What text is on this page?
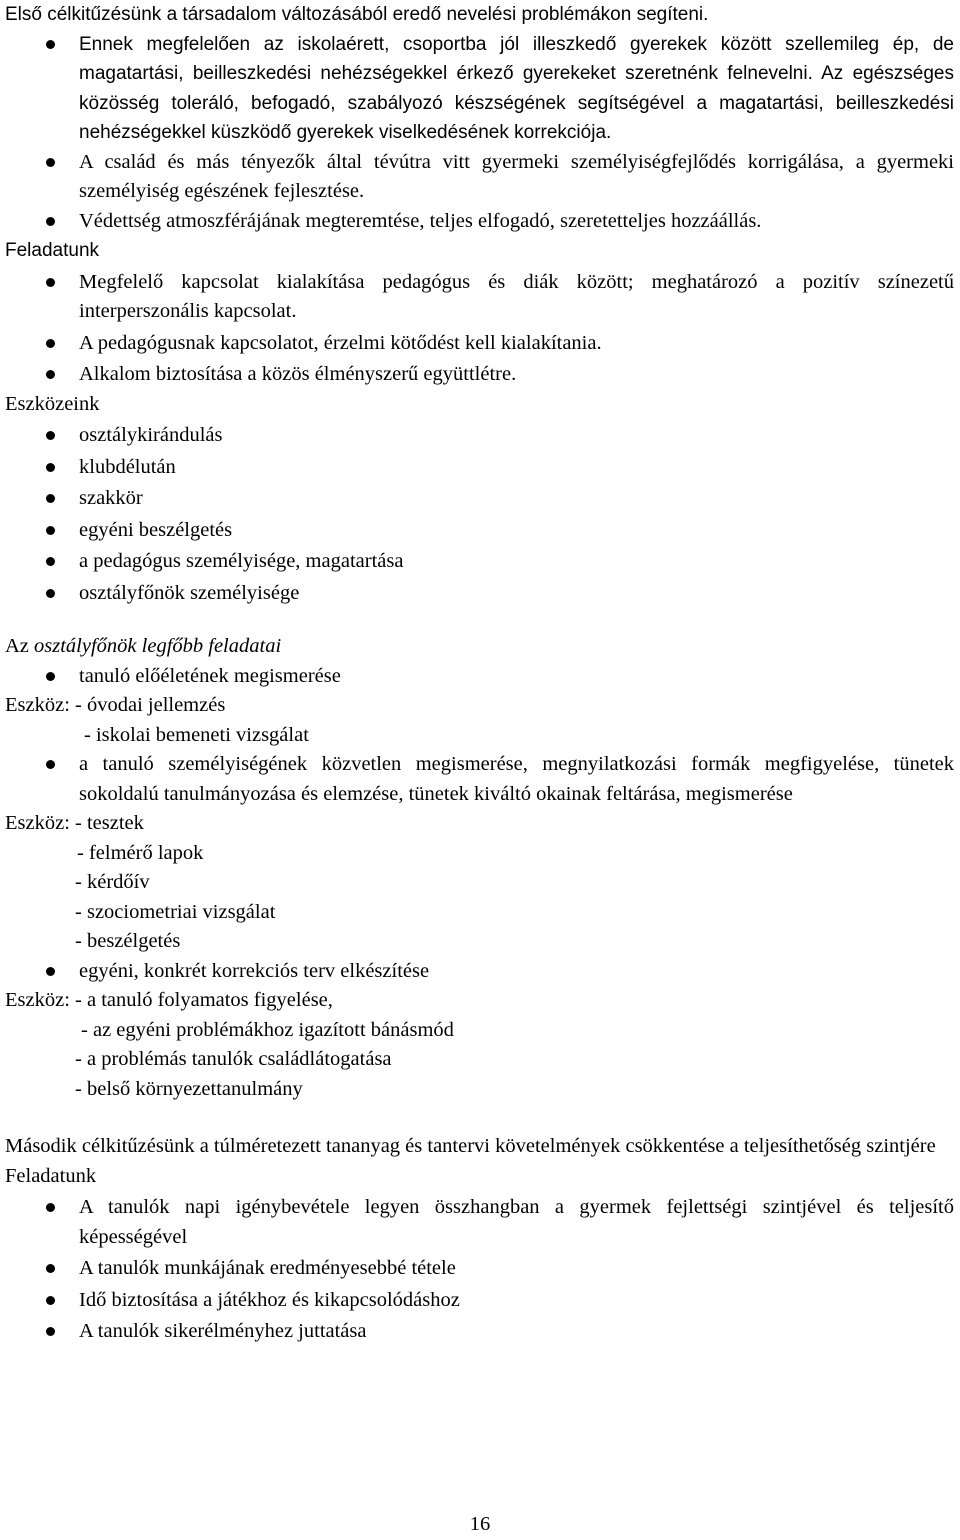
Első célkitűzésünk a társadalom változásából eredő nevelési problémákon segíteni.

Ennek megfelelően az iskolaérett, csoportba jól illeszkedő gyerekek között szellemileg ép, de magatartási, beilleszkedési nehézségekkel érkező gyerekeket szeretnénk felnevelni. Az egészséges közösség toleráló, befogadó, szabályozó készségének segítségével a magatartási, beilleszkedési nehézségekkel küszködő gyerekek viselkedésének korrekciója.
A család és más tényezők által tévútra vitt gyermeki személyiségfejlődés korrigálása, a gyermeki személyiség egészének fejlesztése.
Védettség atmoszférájának megteremtése, teljes elfogadó, szeretetteljes hozzáállás.

Feladatunk

Megfelelő kapcsolat kialakítása pedagógus és diák között; meghatározó a pozitív színezetű interperszonális kapcsolat.
A pedagógusnak kapcsolatot, érzelmi kötődést kell kialakítania.
Alkalom biztosítása a közös élményszerű együttlétre.

Eszközeink

osztálykirándulás
klubdélután
szakkör
egyéni beszélgetés
a pedagógus személyisége, magatartása
osztályfőnök személyisége

Az osztályfőnök legfőbb feladatai

tanuló előéletének megismerése
Eszköz: - óvodai jellemzés
- iskolai bemeneti vizsgálat
a tanuló személyiségének közvetlen megismerése, megnyilatkozási formák megfigyelése, tünetek sokoldalú tanulmányozása és elemzése, tünetek kiváltó okainak feltárása, megismerése
Eszköz: - tesztek
- felmérő lapok
- kérdőív
- szociometriai vizsgálat
- beszélgetés
egyéni, konkrét korrekciós terv elkészítése
Eszköz: - a tanuló folyamatos figyelése,
- az egyéni problémákhoz igazított bánásmód
- a problémás tanulók családlátogatása
- belső környezettanulmány

Második célkitűzésünk a túlméretezett tananyag és tantervi követelmények csökkentése a teljesíthetőség szintjére

Feladatunk

A tanulók napi igénybevétele legyen összhangban a gyermek fejlettségi szintjével és teljesítő képességével
A tanulók munkájának eredményesebbé tétele
Idő biztosítása a játékhoz és kikapcsolódáshoz
A tanulók sikerélményhez juttatása
16
